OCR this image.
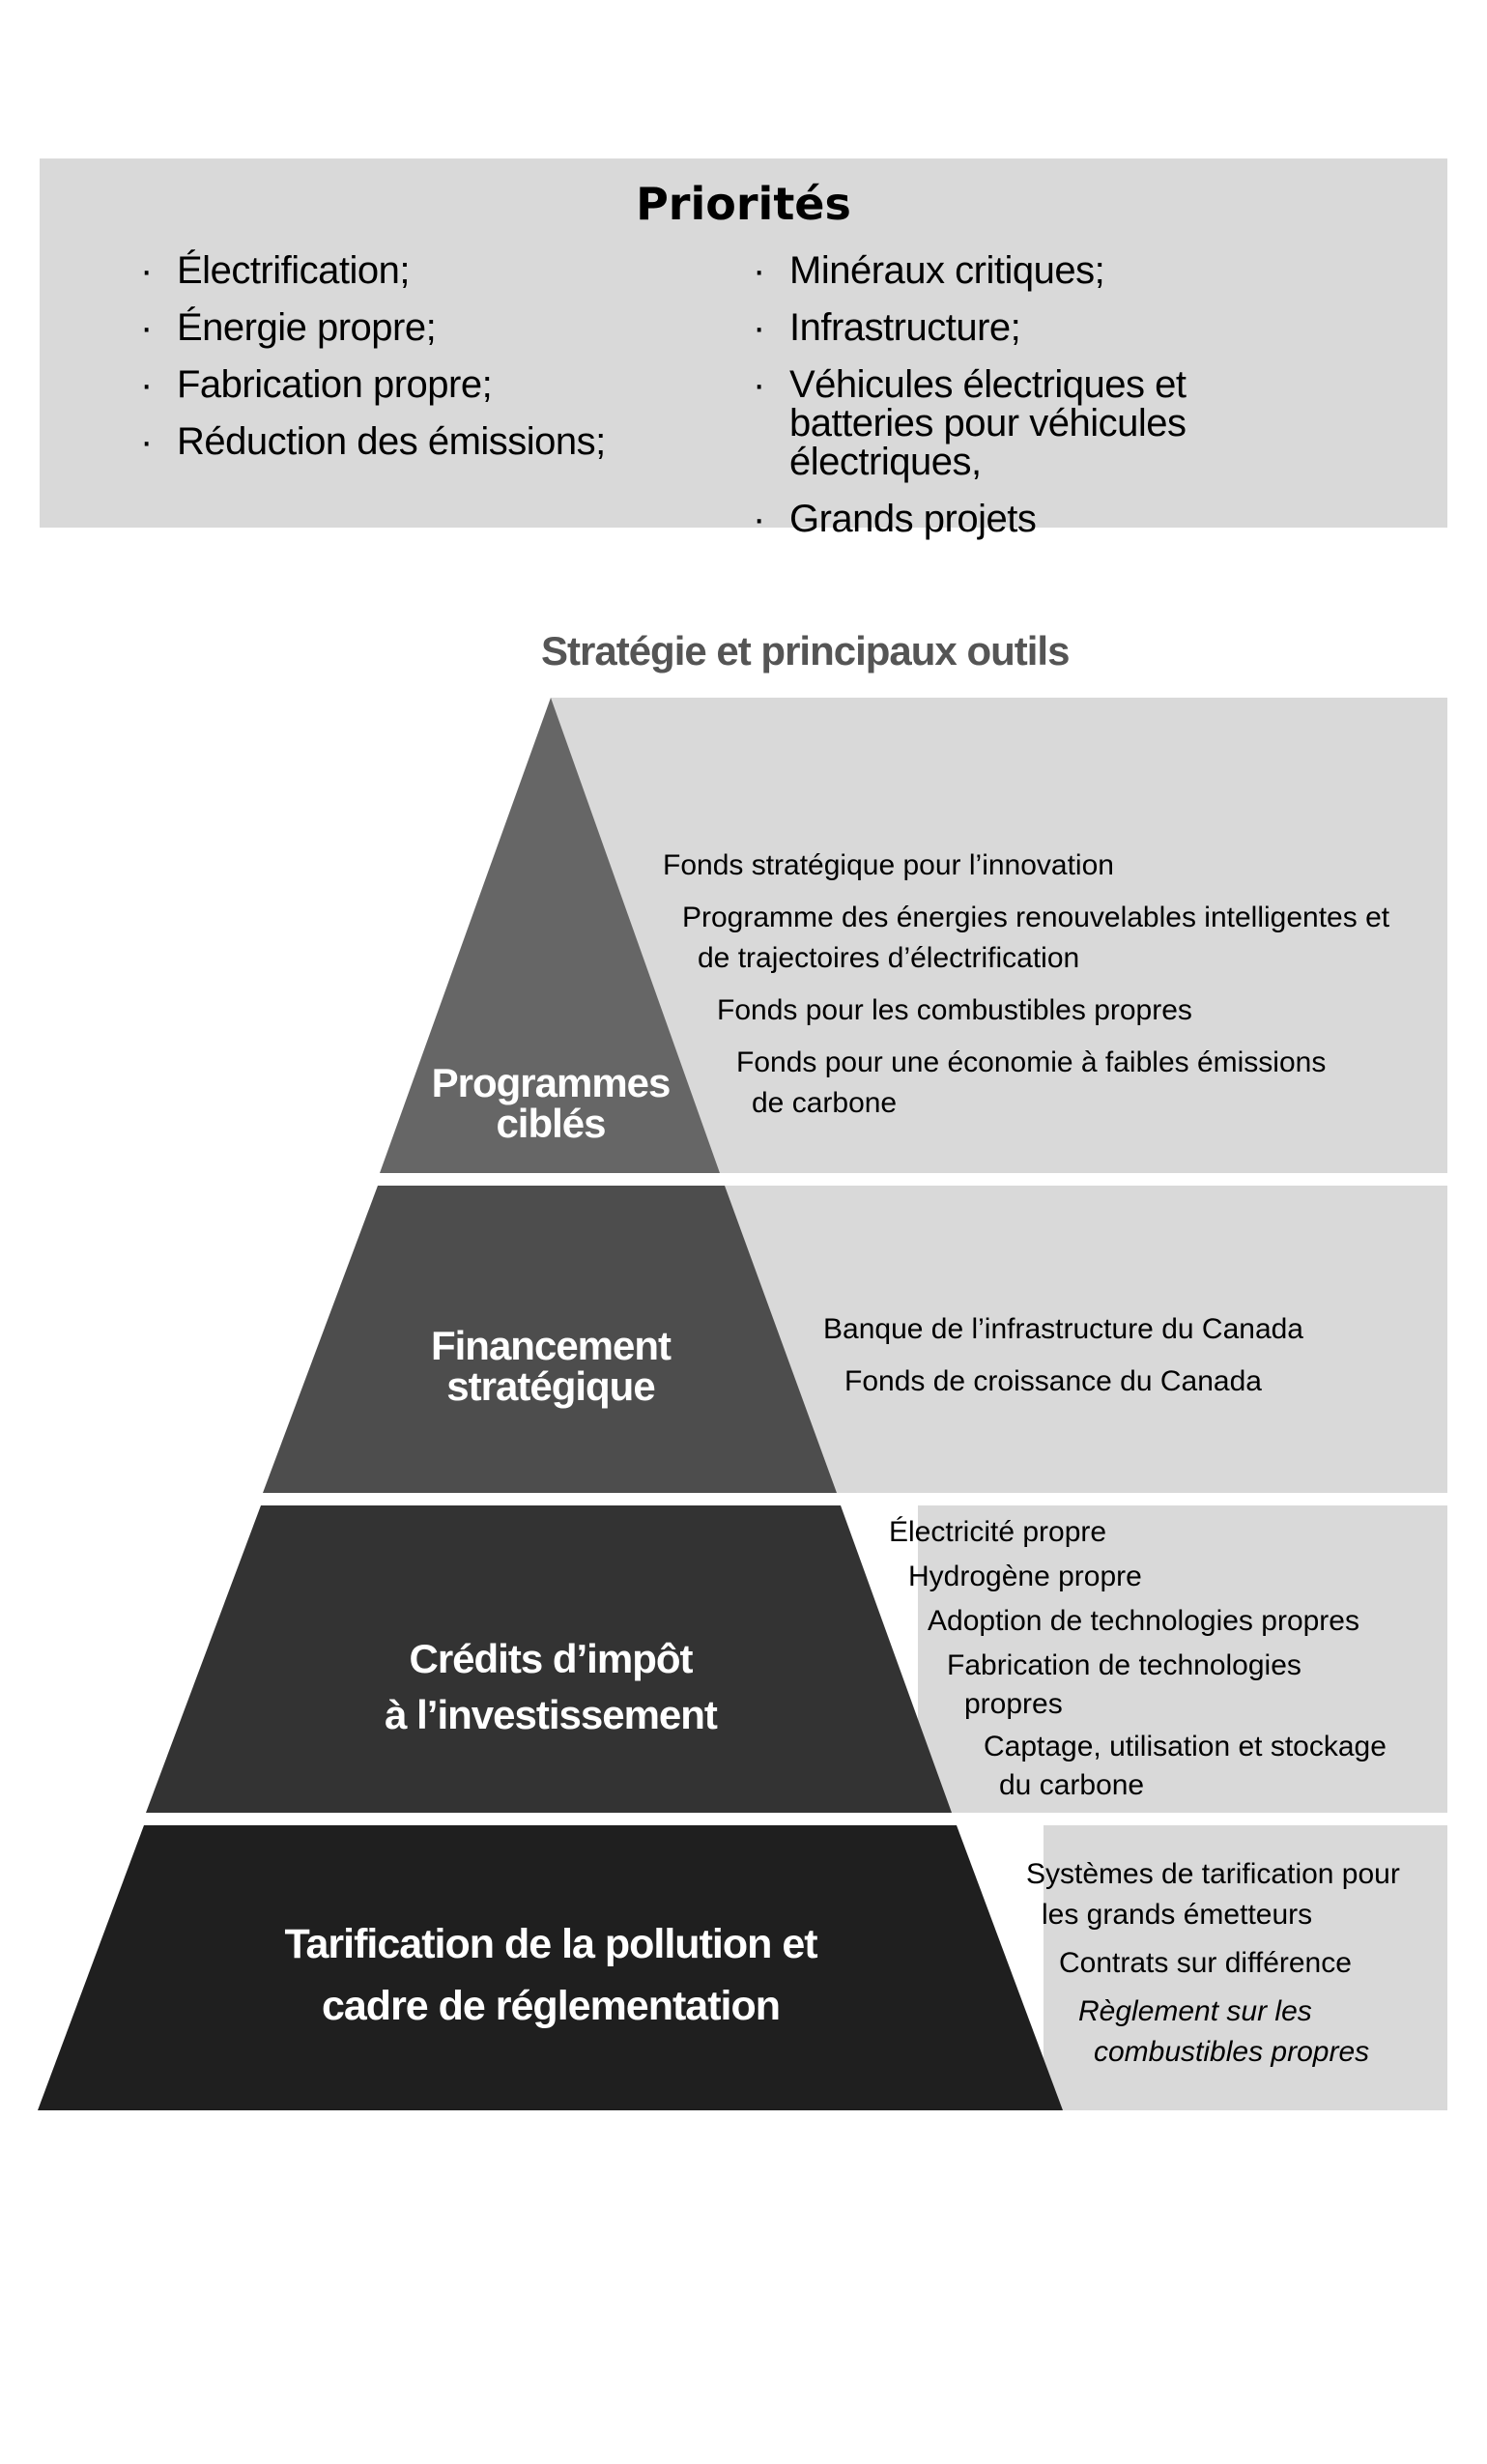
Priorités
· Électrification;
· Énergie propre;
· Fabrication propre;
· Réduction des émissions;
· Minéraux critiques;
· Infrastructure;
· Véhicules électriques et batteries pour véhicules électriques,
· Grands projets
Stratégie et principaux outils
Programmes
ciblés
Financement
stratégique
Crédits d’impôt
à l’investissement
Tarification de la pollution et
cadre de réglementation
Fonds stratégique pour l’innovation
Programme des énergies renouvelables intelligentes et
de trajectoires d’électrification
Fonds pour les combustibles propres
Fonds pour une économie à faibles émissions
de carbone
Banque de l’infrastructure du Canada
Fonds de croissance du Canada
Électricité propre
Hydrogène propre
Adoption de technologies propres
Fabrication de technologies
propres
Captage, utilisation et stockage
du carbone
Systèmes de tarification pour
les grands émetteurs
Contrats sur différence
Règlement sur les
combustibles propres
